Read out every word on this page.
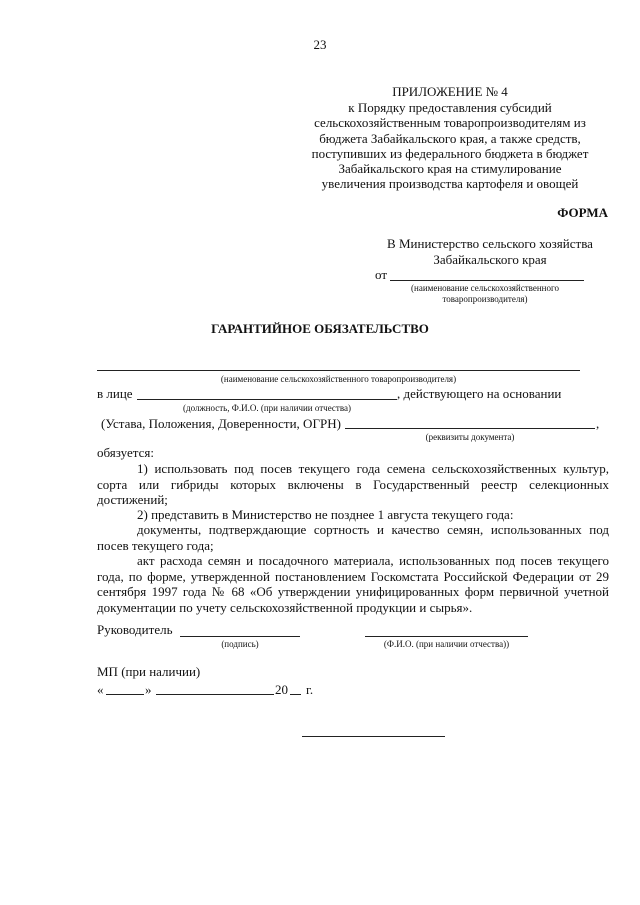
23
ПРИЛОЖЕНИЕ № 4
к Порядку предоставления субсидий
сельскохозяйственным товаропроизводителям из
бюджета Забайкальского края, а также средств,
поступивших из федерального бюджета в бюджет
Забайкальского края на стимулирование
увеличения производства картофеля и овощей
ФОРМА
В Министерство сельского хозяйства
Забайкальского края
от
(наименование сельскохозяйственного
товаропроизводителя)
ГАРАНТИЙНОЕ ОБЯЗАТЕЛЬСТВО
(наименование сельскохозяйственного товаропроизводителя)
в лице	, действующего на основании
(должность, Ф.И.О. (при наличии отчества)
(Устава, Положения, Доверенности, ОГРН)	,
(реквизиты документа)
обязуется:
1) использовать под посев текущего года семена сельскохозяйственных культур, сорта или гибриды которых включены в Государственный реестр селекционных достижений;
2) представить в Министерство не позднее 1 августа текущего года:
документы, подтверждающие сортность и качество семян, использованных под посев текущего года;
акт расхода семян и посадочного материала, использованных под посев текущего года, по форме, утвержденной постановлением Госкомстата Российской Федерации от 29 сентября 1997 года № 68 «Об утверждении унифицированных форм первичной учетной документации по учету сельскохозяйственной продукции и сырья».
Руководитель
(подпись)	(Ф.И.О. (при наличии отчества))
МП (при наличии)
«	»	20 г.
